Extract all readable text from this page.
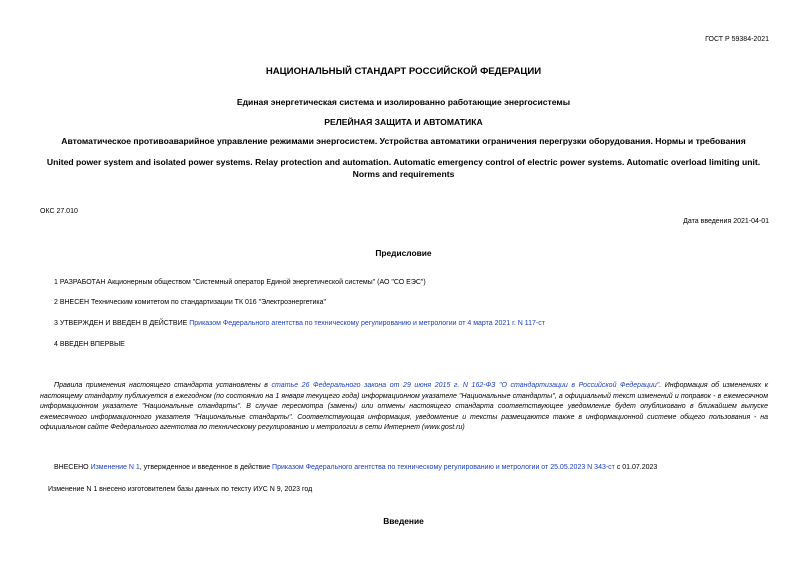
ГОСТ Р 59384-2021
НАЦИОНАЛЬНЫЙ СТАНДАРТ РОССИЙСКОЙ ФЕДЕРАЦИИ
Единая энергетическая система и изолированно работающие энергосистемы
РЕЛЕЙНАЯ ЗАЩИТА И АВТОМАТИКА
Автоматическое противоаварийное управление режимами энергосистем. Устройства автоматики ограничения перегрузки оборудования. Нормы и требования
United power system and isolated power systems. Relay protection and automation. Automatic emergency control of electric power systems. Automatic overload limiting unit. Norms and requirements
ОКС 27.010
Дата введения 2021-04-01
Предисловие
1 РАЗРАБОТАН Акционерным обществом "Системный оператор Единой энергетической системы" (АО "СО ЕЭС")
2 ВНЕСЕН Техническим комитетом по стандартизации ТК 016 "Электроэнергетика"
3 УТВЕРЖДЕН И ВВЕДЕН В ДЕЙСТВИЕ Приказом Федерального агентства по техническому регулированию и метрологии от 4 марта 2021 г. N 117-ст
4 ВВЕДЕН ВПЕРВЫЕ
Правила применения настоящего стандарта установлены в статье 26 Федерального закона от 29 июня 2015 г. N 162-ФЗ "О стандартизации в Российской Федерации". Информация об изменениях к настоящему стандарту публикуется в ежегодном (по состоянию на 1 января текущего года) информационном указателе "Национальные стандарты", а официальный текст изменений и поправок - в ежемесячном информационном указателе "Национальные стандарты". В случае пересмотра (замены) или отмены настоящего стандарта соответствующее уведомление будет опубликовано в ближайшем выпуске ежемесячного информационного указателя "Национальные стандарты". Соответствующая информация, уведомление и тексты размещаются также в информационной системе общего пользования - на официальном сайте Федерального агентства по техническому регулированию и метрологии в сети Интернет (www.gost.ru)
ВНЕСЕНО Изменение N 1, утвержденное и введенное в действие Приказом Федерального агентства по техническому регулированию и метрологии от 25.05.2023 N 343-ст с 01.07.2023
Изменение N 1 внесено изготовителем базы данных по тексту ИУС N 9, 2023 год
Введение
